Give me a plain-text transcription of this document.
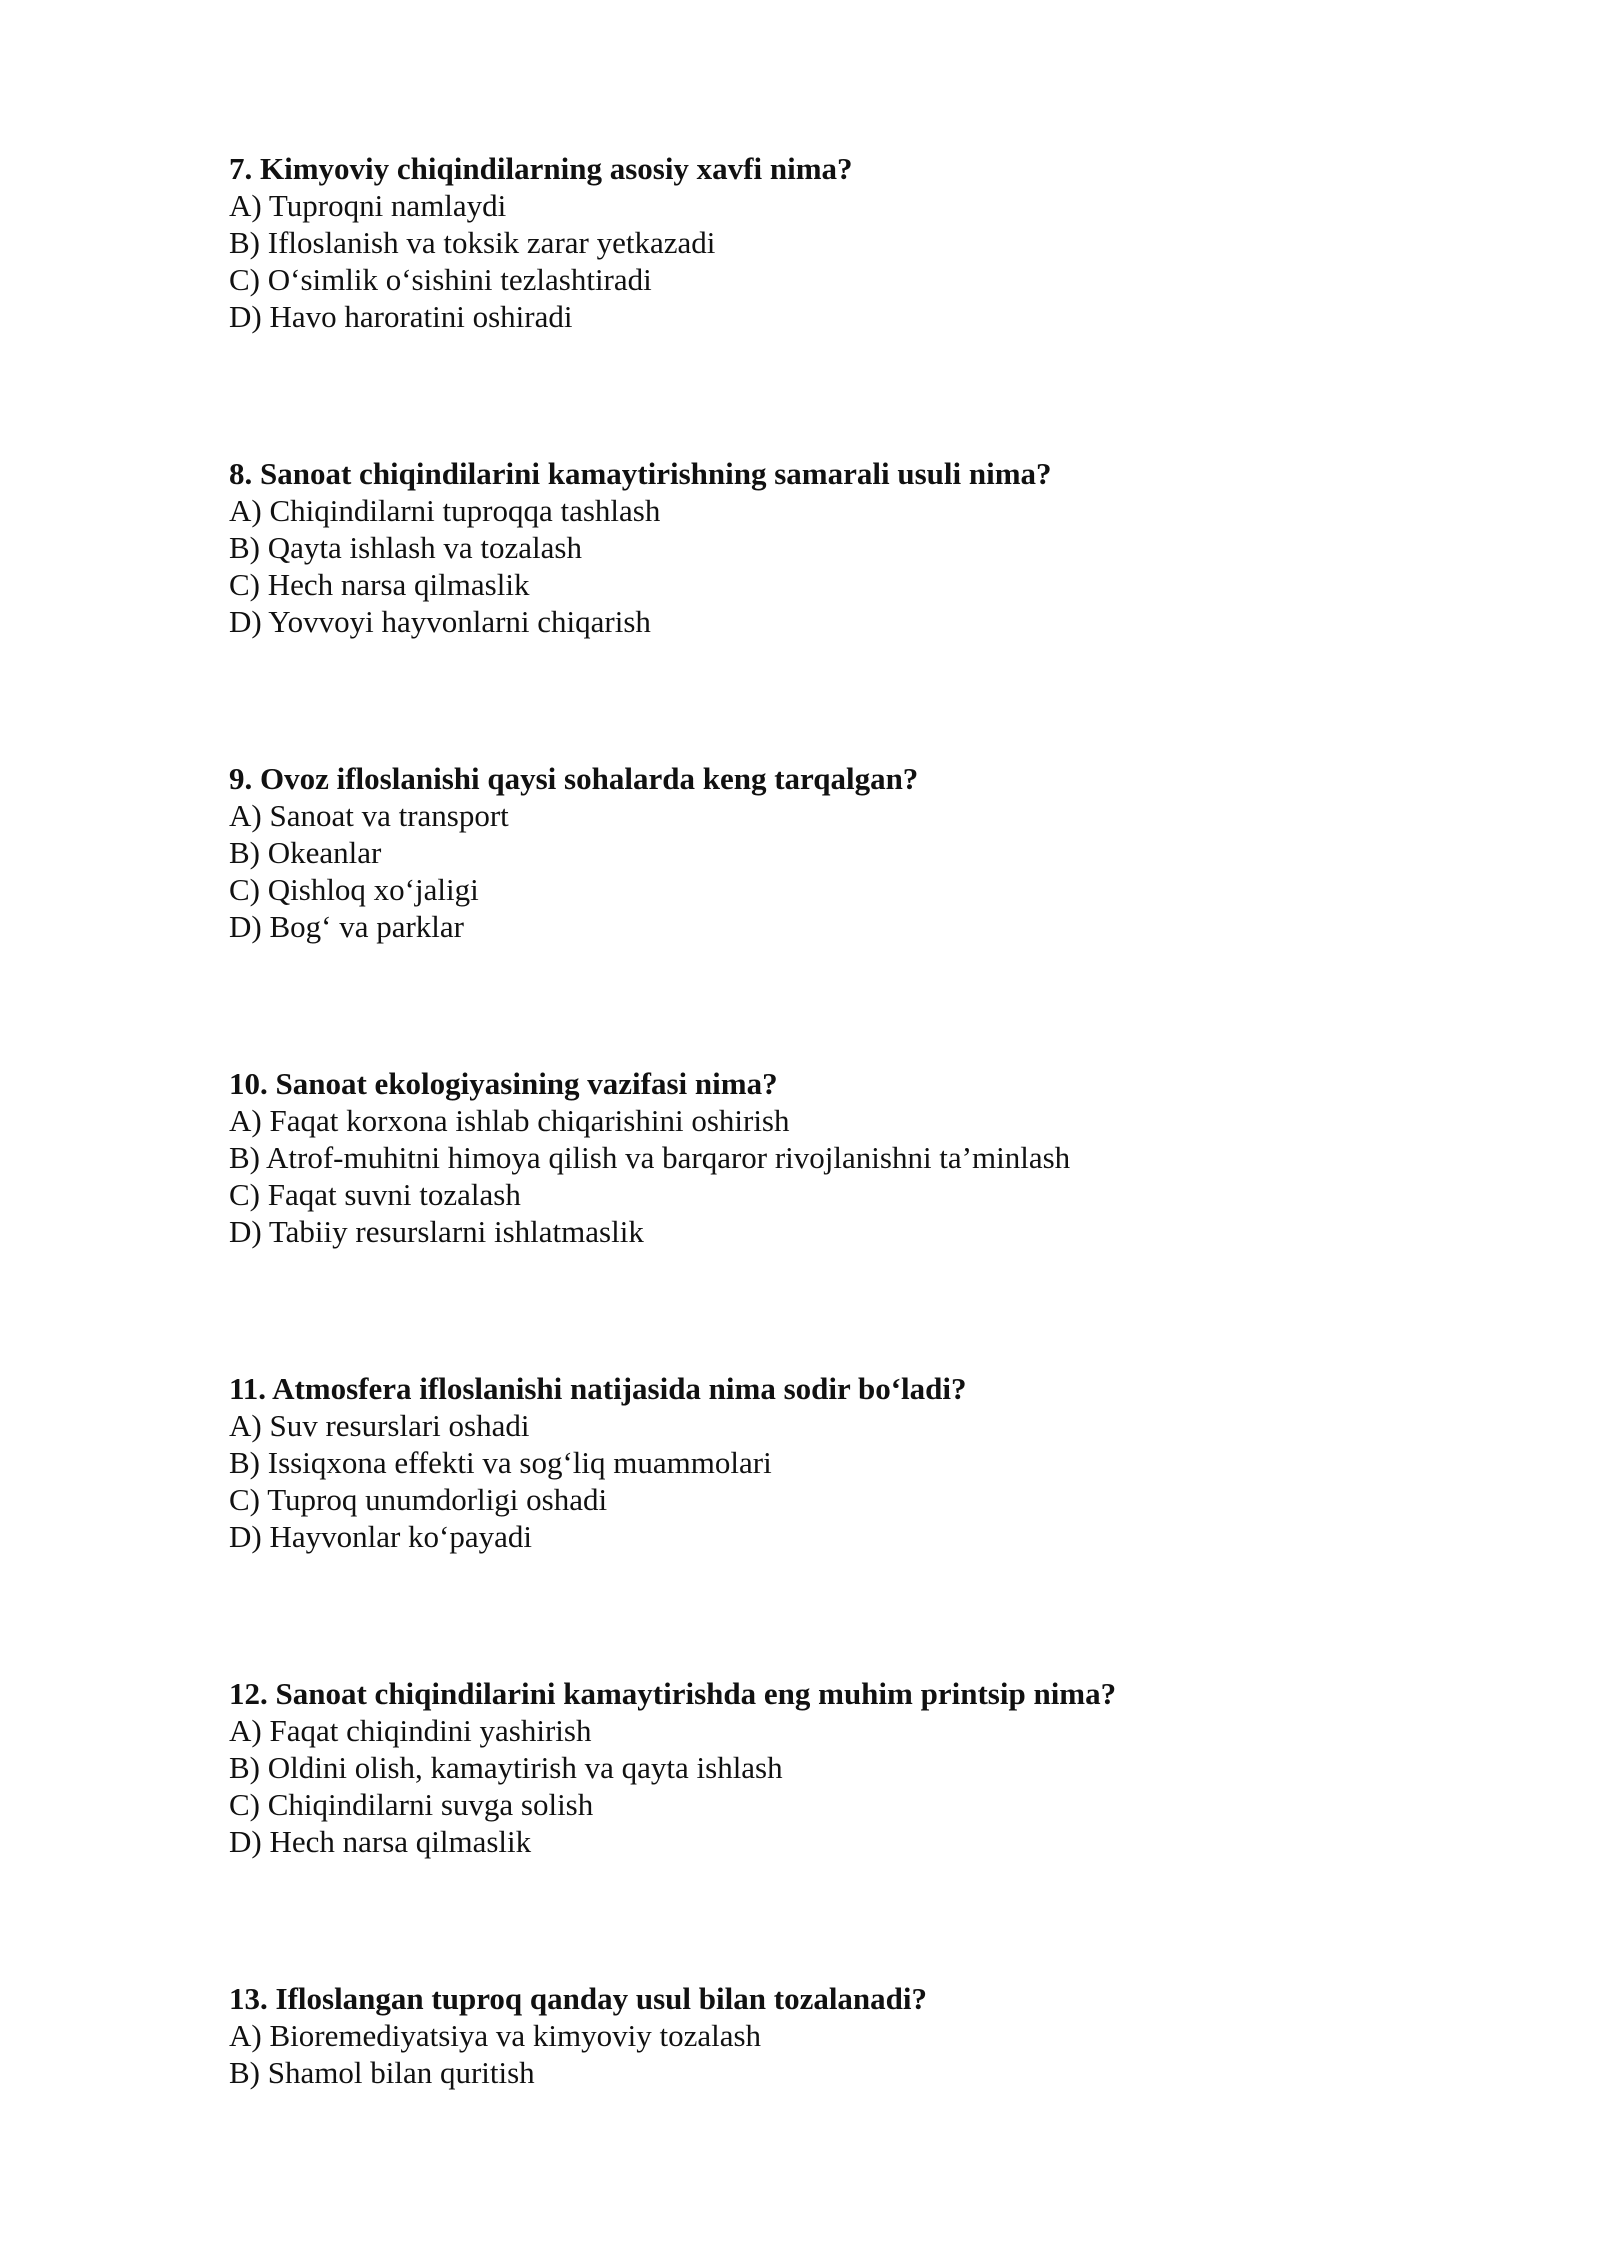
7. Kimyoviy chiqindilarning asosiy xavfi nima?

A) Tuproqni namlaydi

B) Ifloslanish va toksik zarar yetkazadi

C) O‘simlik o‘sishini tezlashtiradi

D) Havo haroratini oshiradi

8. Sanoat chiqindilarini kamaytirishning samarali usuli nima?

A) Chiqindilarni tuproqqa tashlash

B) Qayta ishlash va tozalash

C) Hech narsa qilmaslik

D) Yovvoyi hayvonlarni chiqarish

9. Ovoz ifloslanishi qaysi sohalarda keng tarqalgan?

A) Sanoat va transport

B) Okeanlar

C) Qishloq xo‘jaligi

D) Bog‘ va parklar

10. Sanoat ekologiyasining vazifasi nima?

A) Faqat korxona ishlab chiqarishini oshirish

B) Atrof-muhitni himoya qilish va barqaror rivojlanishni ta’minlash

C) Faqat suvni tozalash

D) Tabiiy resurslarni ishlatmaslik

11. Atmosfera ifloslanishi natijasida nima sodir bo‘ladi?

A) Suv resurslari oshadi

B) Issiqxona effekti va sog‘liq muammolari

C) Tuproq unumdorligi oshadi

D) Hayvonlar ko‘payadi

12. Sanoat chiqindilarini kamaytirishda eng muhim printsip nima?

A) Faqat chiqindini yashirish

B) Oldini olish, kamaytirish va qayta ishlash

C) Chiqindilarni suvga solish

D) Hech narsa qilmaslik

13. Ifloslangan tuproq qanday usul bilan tozalanadi?

A) Bioremediyatsiya va kimyoviy tozalash

B) Shamol bilan quritish
